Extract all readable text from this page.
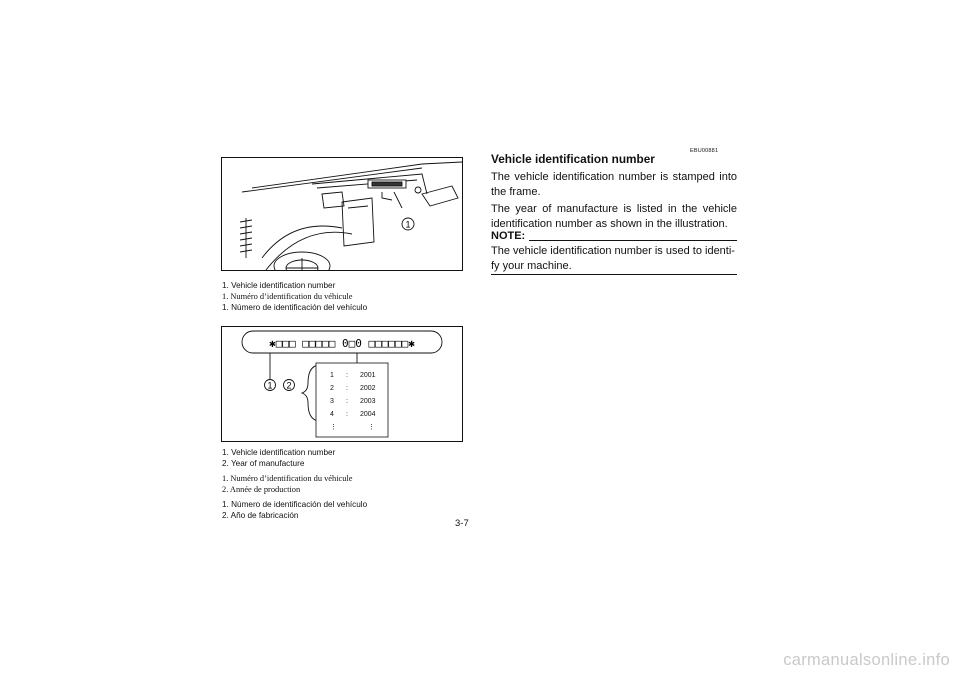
1

1. Vehicle identification number

1. Numéro d’identification du véhicule

1. Número de identificación del vehículo

✱□□□ □□□□□ 0□0 □□□□□□✱
1 : 2001
2 : 2002
3 : 2003
4 : 2004
⋮	⋮
1 2

1. Vehicle identification number

2. Year of manufacture

1. Numéro d’identification du véhicule

2. Année de production

1. Número de identificación del vehículo

2. Año de fabricación

EBU00881
Vehicle identification number

The vehicle identification number is stamped into the frame.

The year of manufacture is listed in the vehicle identification number as shown in the illustration.

NOTE:

The vehicle identification number is used to identi-fy your machine.

3-7
carmanualsonline.info
